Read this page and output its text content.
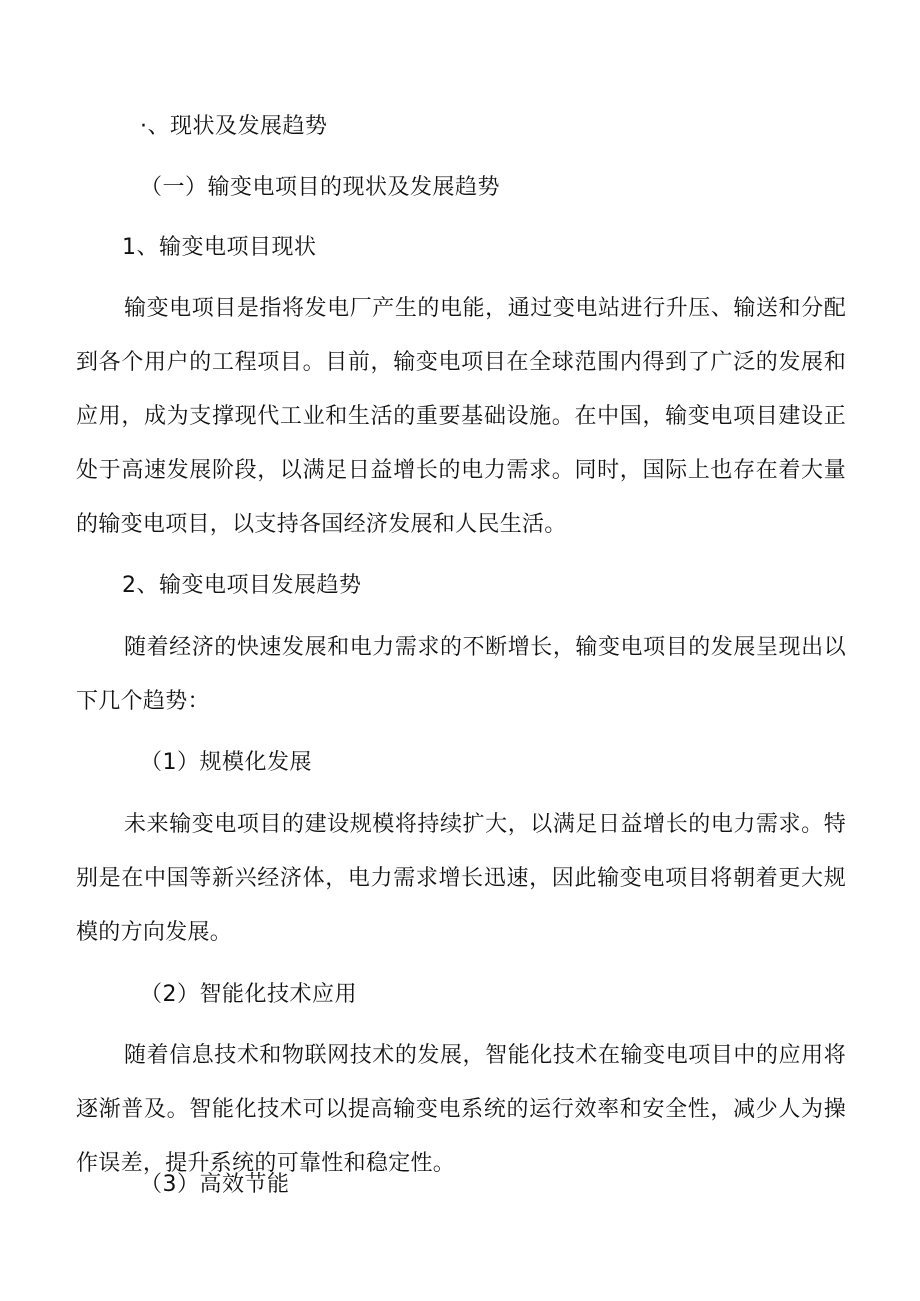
·、现状及发展趋势
（一）输变电项目的现状及发展趋势
1、输变电项目现状
输变电项目是指将发电厂产生的电能，通过变电站进行升压、输送和分配到各个用户的工程项目。目前，输变电项目在全球范围内得到了广泛的发展和应用，成为支撑现代工业和生活的重要基础设施。在中国，输变电项目建设正处于高速发展阶段，以满足日益增长的电力需求。同时，国际上也存在着大量的输变电项目，以支持各国经济发展和人民生活。
2、输变电项目发展趋势
随着经济的快速发展和电力需求的不断增长，输变电项目的发展呈现出以下几个趋势：
（1）规模化发展
未来输变电项目的建设规模将持续扩大，以满足日益增长的电力需求。特别是在中国等新兴经济体，电力需求增长迅速，因此输变电项目将朝着更大规模的方向发展。
（2）智能化技术应用
随着信息技术和物联网技术的发展，智能化技术在输变电项目中的应用将逐渐普及。智能化技术可以提高输变电系统的运行效率和安全性，减少人为操作误差，提升系统的可靠性和稳定性。
（3）高效节能
